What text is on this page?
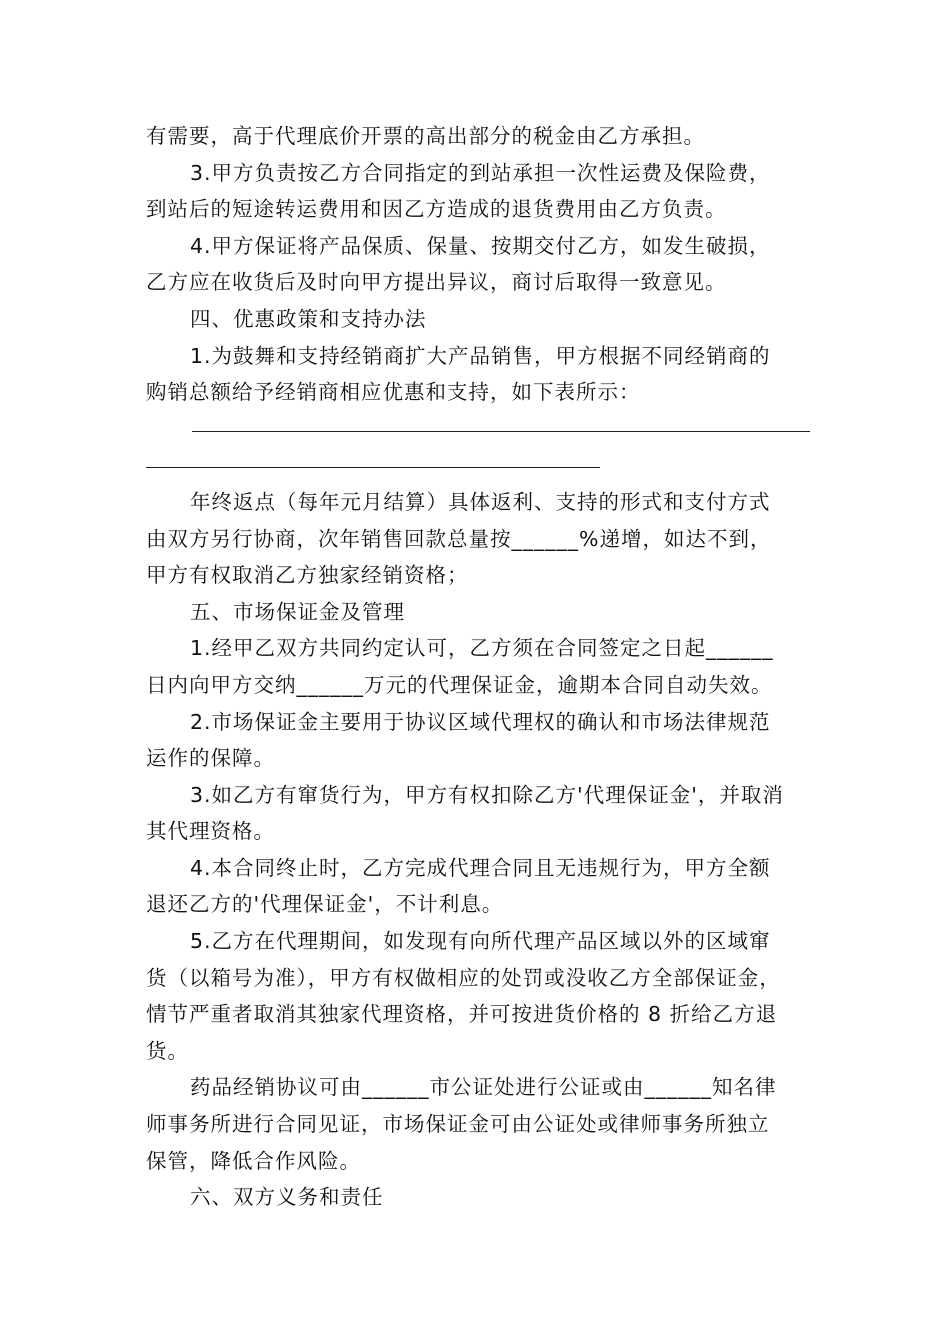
有需要，高于代理底价开票的高出部分的税金由乙方承担。
3.甲方负责按乙方合同指定的到站承担一次性运费及保险费，
到站后的短途转运费用和因乙方造成的退货费用由乙方负责。
4.甲方保证将产品保质、保量、按期交付乙方，如发生破损，
乙方应在收货后及时向甲方提出异议，商讨后取得一致意见。
四、优惠政策和支持办法
1.为鼓舞和支持经销商扩大产品销售，甲方根据不同经销商的
购销总额给予经销商相应优惠和支持，如下表所示：
年终返点（每年元月结算）具体返利、支持的形式和支付方式
由双方另行协商，次年销售回款总量按______%递增，如达不到，
甲方有权取消乙方独家经销资格；
五、市场保证金及管理
1.经甲乙双方共同约定认可，乙方须在合同签定之日起______
日内向甲方交纳______万元的代理保证金，逾期本合同自动失效。
2.市场保证金主要用于协议区域代理权的确认和市场法律规范
运作的保障。
3.如乙方有窜货行为，甲方有权扣除乙方'代理保证金'，并取消
其代理资格。
4.本合同终止时，乙方完成代理合同且无违规行为，甲方全额
退还乙方的'代理保证金'，不计利息。
5.乙方在代理期间，如发现有向所代理产品区域以外的区域窜
货（以箱号为准），甲方有权做相应的处罚或没收乙方全部保证金，
情节严重者取消其独家代理资格，并可按进货价格的 8 折给乙方退
货。
药品经销协议可由______市公证处进行公证或由______知名律
师事务所进行合同见证，市场保证金可由公证处或律师事务所独立
保管，降低合作风险。
六、双方义务和责任
